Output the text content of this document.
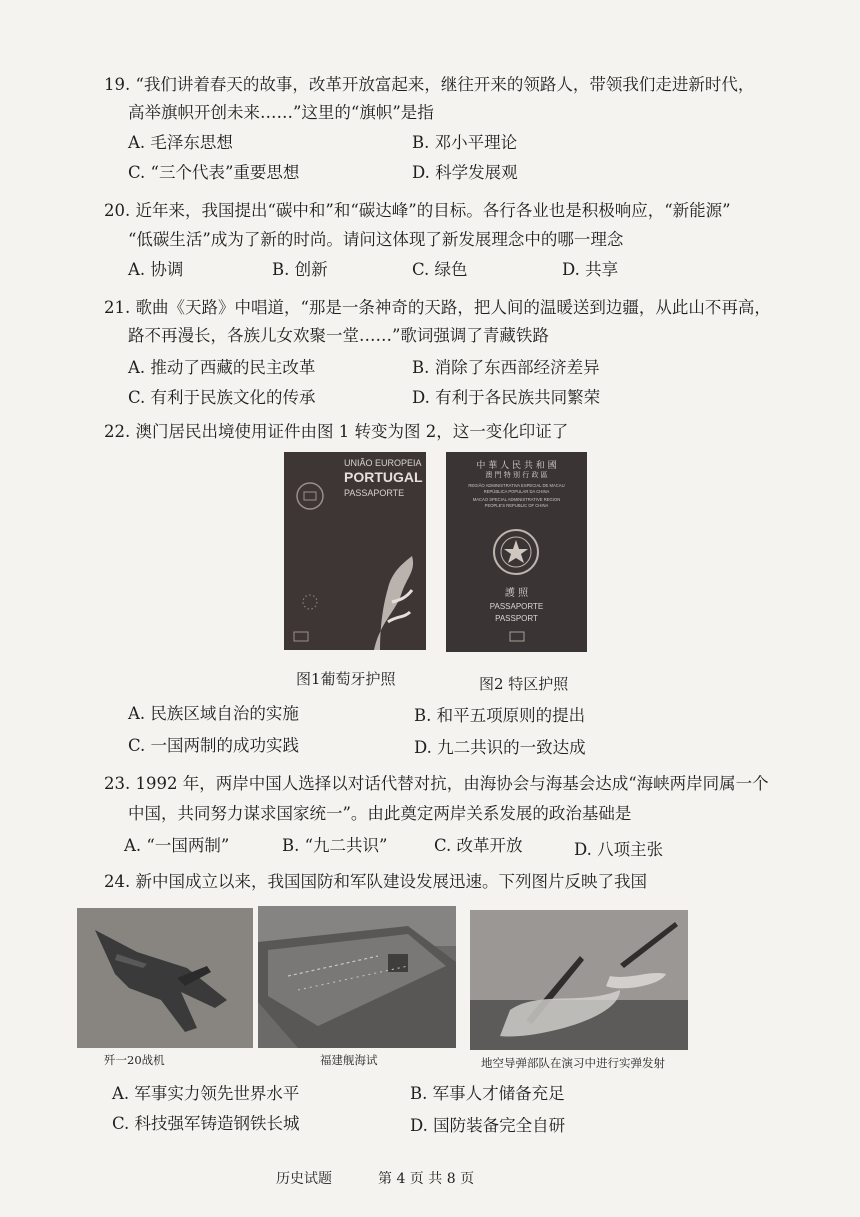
19. “我们讲着春天的故事，改革开放富起来，继往开来的领路人，带领我们走进新时代，
高举旗帜开创未来……”这里的“旗帜”是指
A. 毛泽东思想	B. 邓小平理论
C. “三个代表”重要思想	D. 科学发展观
20. 近年来，我国提出“碳中和”和“碳达峰”的目标。各行各业也是积极响应，“新能源”
“低碳生活”成为了新的时尚。请问这体现了新发展理念中的哪一理念
A. 协调	B. 创新	C. 绿色	D. 共享
21. 歌曲《天路》中唱道，“那是一条神奇的天路，把人间的温暖送到边疆，从此山不再高，
路不再漫长，各族儿女欢聚一堂……”歌词强调了青藏铁路
A. 推动了西藏的民主改革	B. 消除了东西部经济差异
C. 有利于民族文化的传承	D. 有利于各民族共同繁荣
22. 澳门居民出境使用证件由图 1 转变为图 2，这一变化印证了
UNIÃO EUROPEIA
PORTUGAL
PASSAPORTE
中 華 人 民 共 和 國
澳 門 特 別 行 政 區
REGIÃO ADMINISTRATIVA ESPECIAL DE MACAU
REPÚBLICA POPULAR DA CHINA
MACAO SPECIAL ADMINISTRATIVE REGION
PEOPLE'S REPUBLIC OF CHINA
護 照
PASSAPORTE
PASSPORT
图1葡萄牙护照	图2 特区护照
A. 民族区域自治的实施	B. 和平五项原则的提出
C. 一国两制的成功实践	D. 九二共识的一致达成
23. 1992 年，两岸中国人选择以对话代替对抗，由海协会与海基会达成“海峡两岸同属一个
中国，共同努力谋求国家统一”。由此奠定两岸关系发展的政治基础是
A. “一国两制”	B. “九二共识”	C. 改革开放	D. 八项主张
24. 新中国成立以来，我国国防和军队建设发展迅速。下列图片反映了我国
歼一20战机	福建舰海试	地空导弹部队在演习中进行实弹发射
A. 军事实力领先世界水平	B. 军事人才储备充足
C. 科技强军铸造钢铁长城	D. 国防装备完全自研
历史试题	第 4 页 共 8 页
